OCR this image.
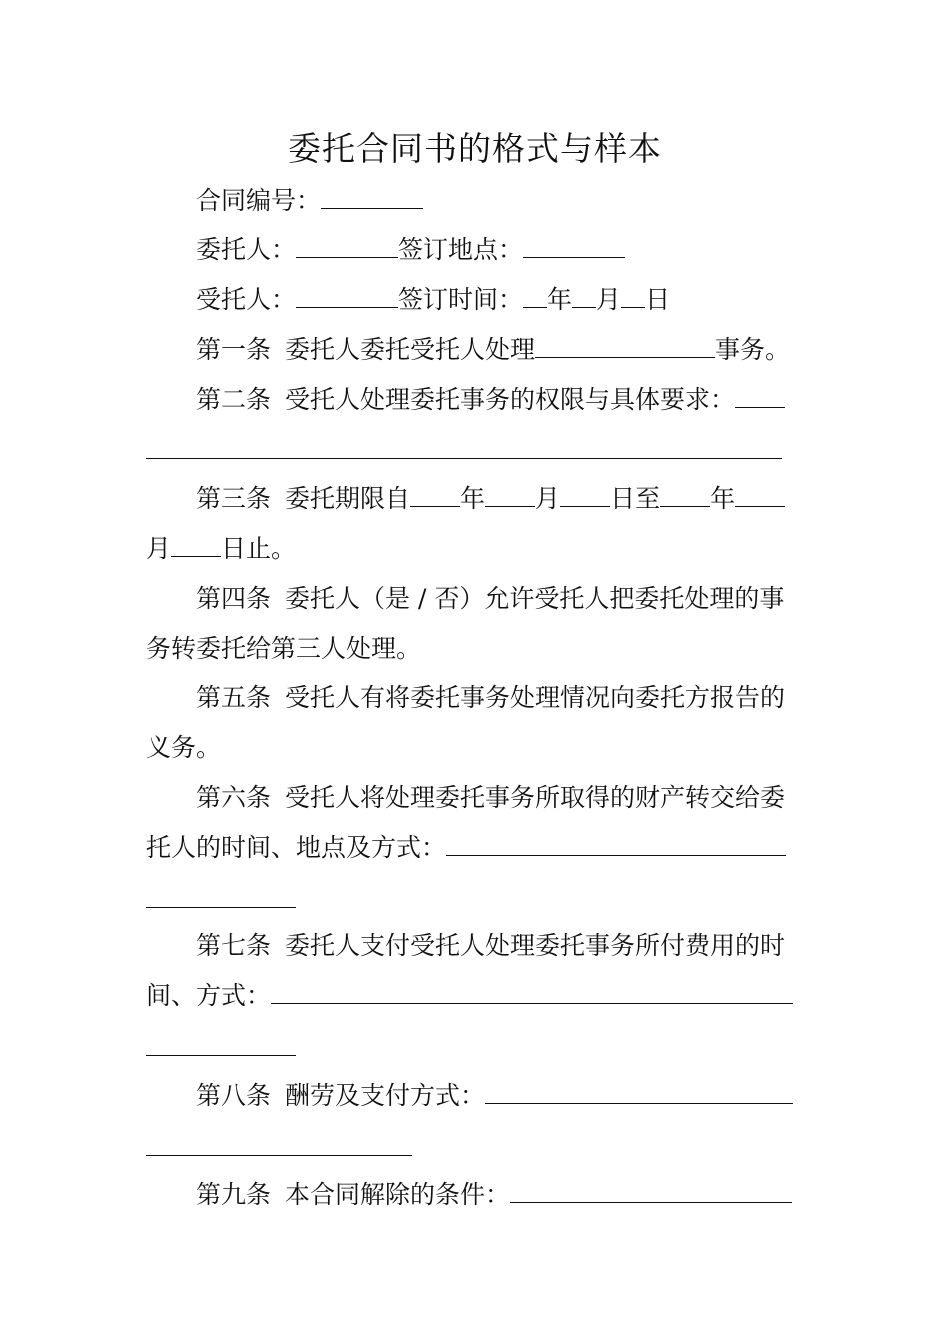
委托合同书的格式与样本
合同编号：
委托人：	签订地点：
受托人：	签订时间： 年 月 日
第一条 委托人委托受托人处理	事务。
第二条 受托人处理委托事务的权限与具体要求：
第三条 委托期限自 年 月 日至 年
月 日止。
第四条 委托人（是 / 否）允许受托人把委托处理的事
务转委托给第三人处理。
第五条 受托人有将委托事务处理情况向委托方报告的
义务。
第六条 受托人将处理委托事务所取得的财产转交给委
托人的时间、地点及方式：
第七条 委托人支付受托人处理委托事务所付费用的时
间、方式：
第八条 酬劳及支付方式：
第九条 本合同解除的条件：
